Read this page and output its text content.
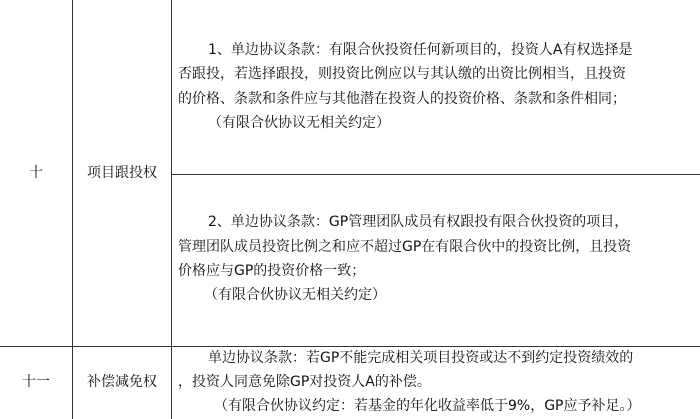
十	项目跟投权
1、单边协议条款：有限合伙投资任何新项目的，投资人A有权选择是
否跟投，若选择跟投，则投资比例应以与其认缴的出资比例相当，且投资
的价格、条款和条件应与其他潜在投资人的投资价格、条款和条件相同；
（有限合伙协议无相关约定）
2、单边协议条款：GP管理团队成员有权跟投有限合伙投资的项目，
管理团队成员投资比例之和应不超过GP在有限合伙中的投资比例，且投资
价格应与GP的投资价格一致；
（有限合伙协议无相关约定）
十一	补偿减免权
单边协议条款：若GP不能完成相关项目投资或达不到约定投资绩效的
，投资人同意免除GP对投资人A的补偿。
（有限合伙协议约定：若基金的年化收益率低于9%，GP应予补足。）
